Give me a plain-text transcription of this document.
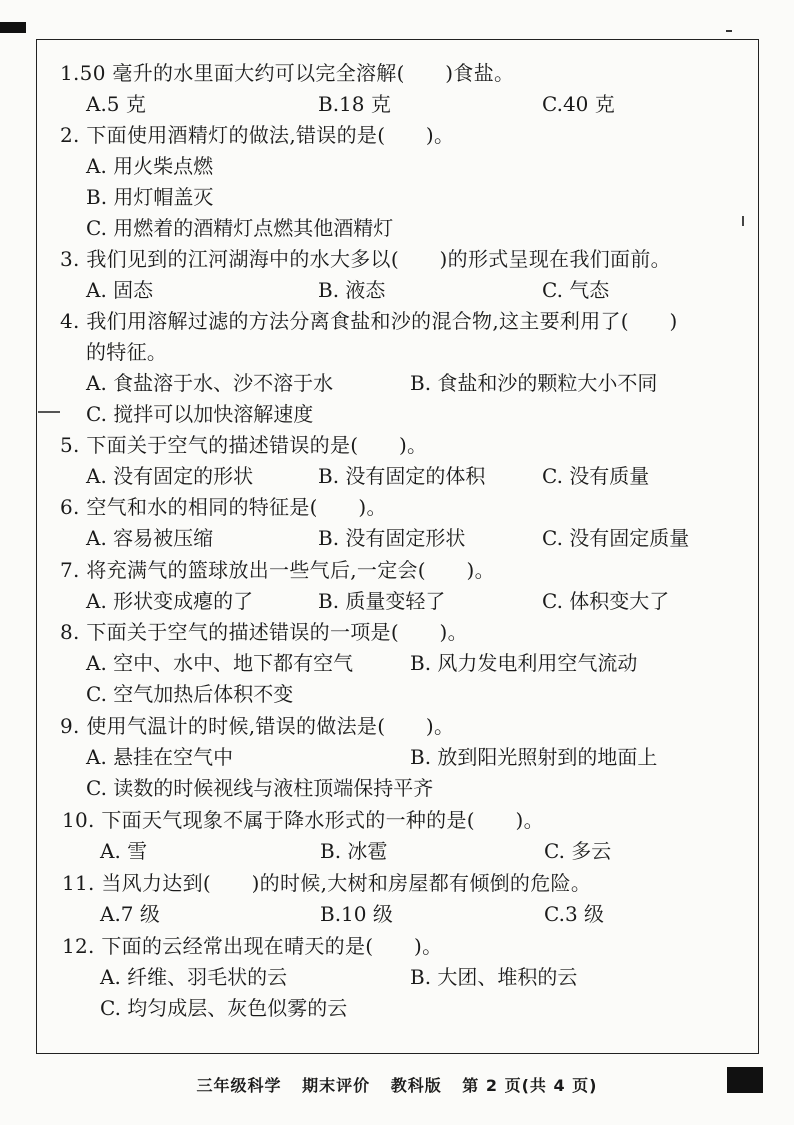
1.50 毫升的水里面大约可以完全溶解(　　)食盐。
A.5 克	B.18 克	C.40 克
2. 下面使用酒精灯的做法,错误的是(　　)。
A. 用火柴点燃
B. 用灯帽盖灭
C. 用燃着的酒精灯点燃其他酒精灯
3. 我们见到的江河湖海中的水大多以(　　)的形式呈现在我们面前。
A. 固态	B. 液态	C. 气态
4. 我们用溶解过滤的方法分离食盐和沙的混合物,这主要利用了(　　)
的特征。
A. 食盐溶于水、沙不溶于水	B. 食盐和沙的颗粒大小不同
C. 搅拌可以加快溶解速度
5. 下面关于空气的描述错误的是(　　)。
A. 没有固定的形状	B. 没有固定的体积	C. 没有质量
6. 空气和水的相同的特征是(　　)。
A. 容易被压缩	B. 没有固定形状	C. 没有固定质量
7. 将充满气的篮球放出一些气后,一定会(　　)。
A. 形状变成瘪的了	B. 质量变轻了	C. 体积变大了
8. 下面关于空气的描述错误的一项是(　　)。
A. 空中、水中、地下都有空气	B. 风力发电利用空气流动
C. 空气加热后体积不变
9. 使用气温计的时候,错误的做法是(　　)。
A. 悬挂在空气中	B. 放到阳光照射到的地面上
C. 读数的时候视线与液柱顶端保持平齐
10. 下面天气现象不属于降水形式的一种的是(　　)。
A. 雪	B. 冰雹	C. 多云
11. 当风力达到(　　)的时候,大树和房屋都有倾倒的危险。
A.7 级	B.10 级	C.3 级
12. 下面的云经常出现在晴天的是(　　)。
A. 纤维、羽毛状的云	B. 大团、堆积的云
C. 均匀成层、灰色似雾的云
三年级科学 期末评价 教科版 第 2 页(共 4 页)
